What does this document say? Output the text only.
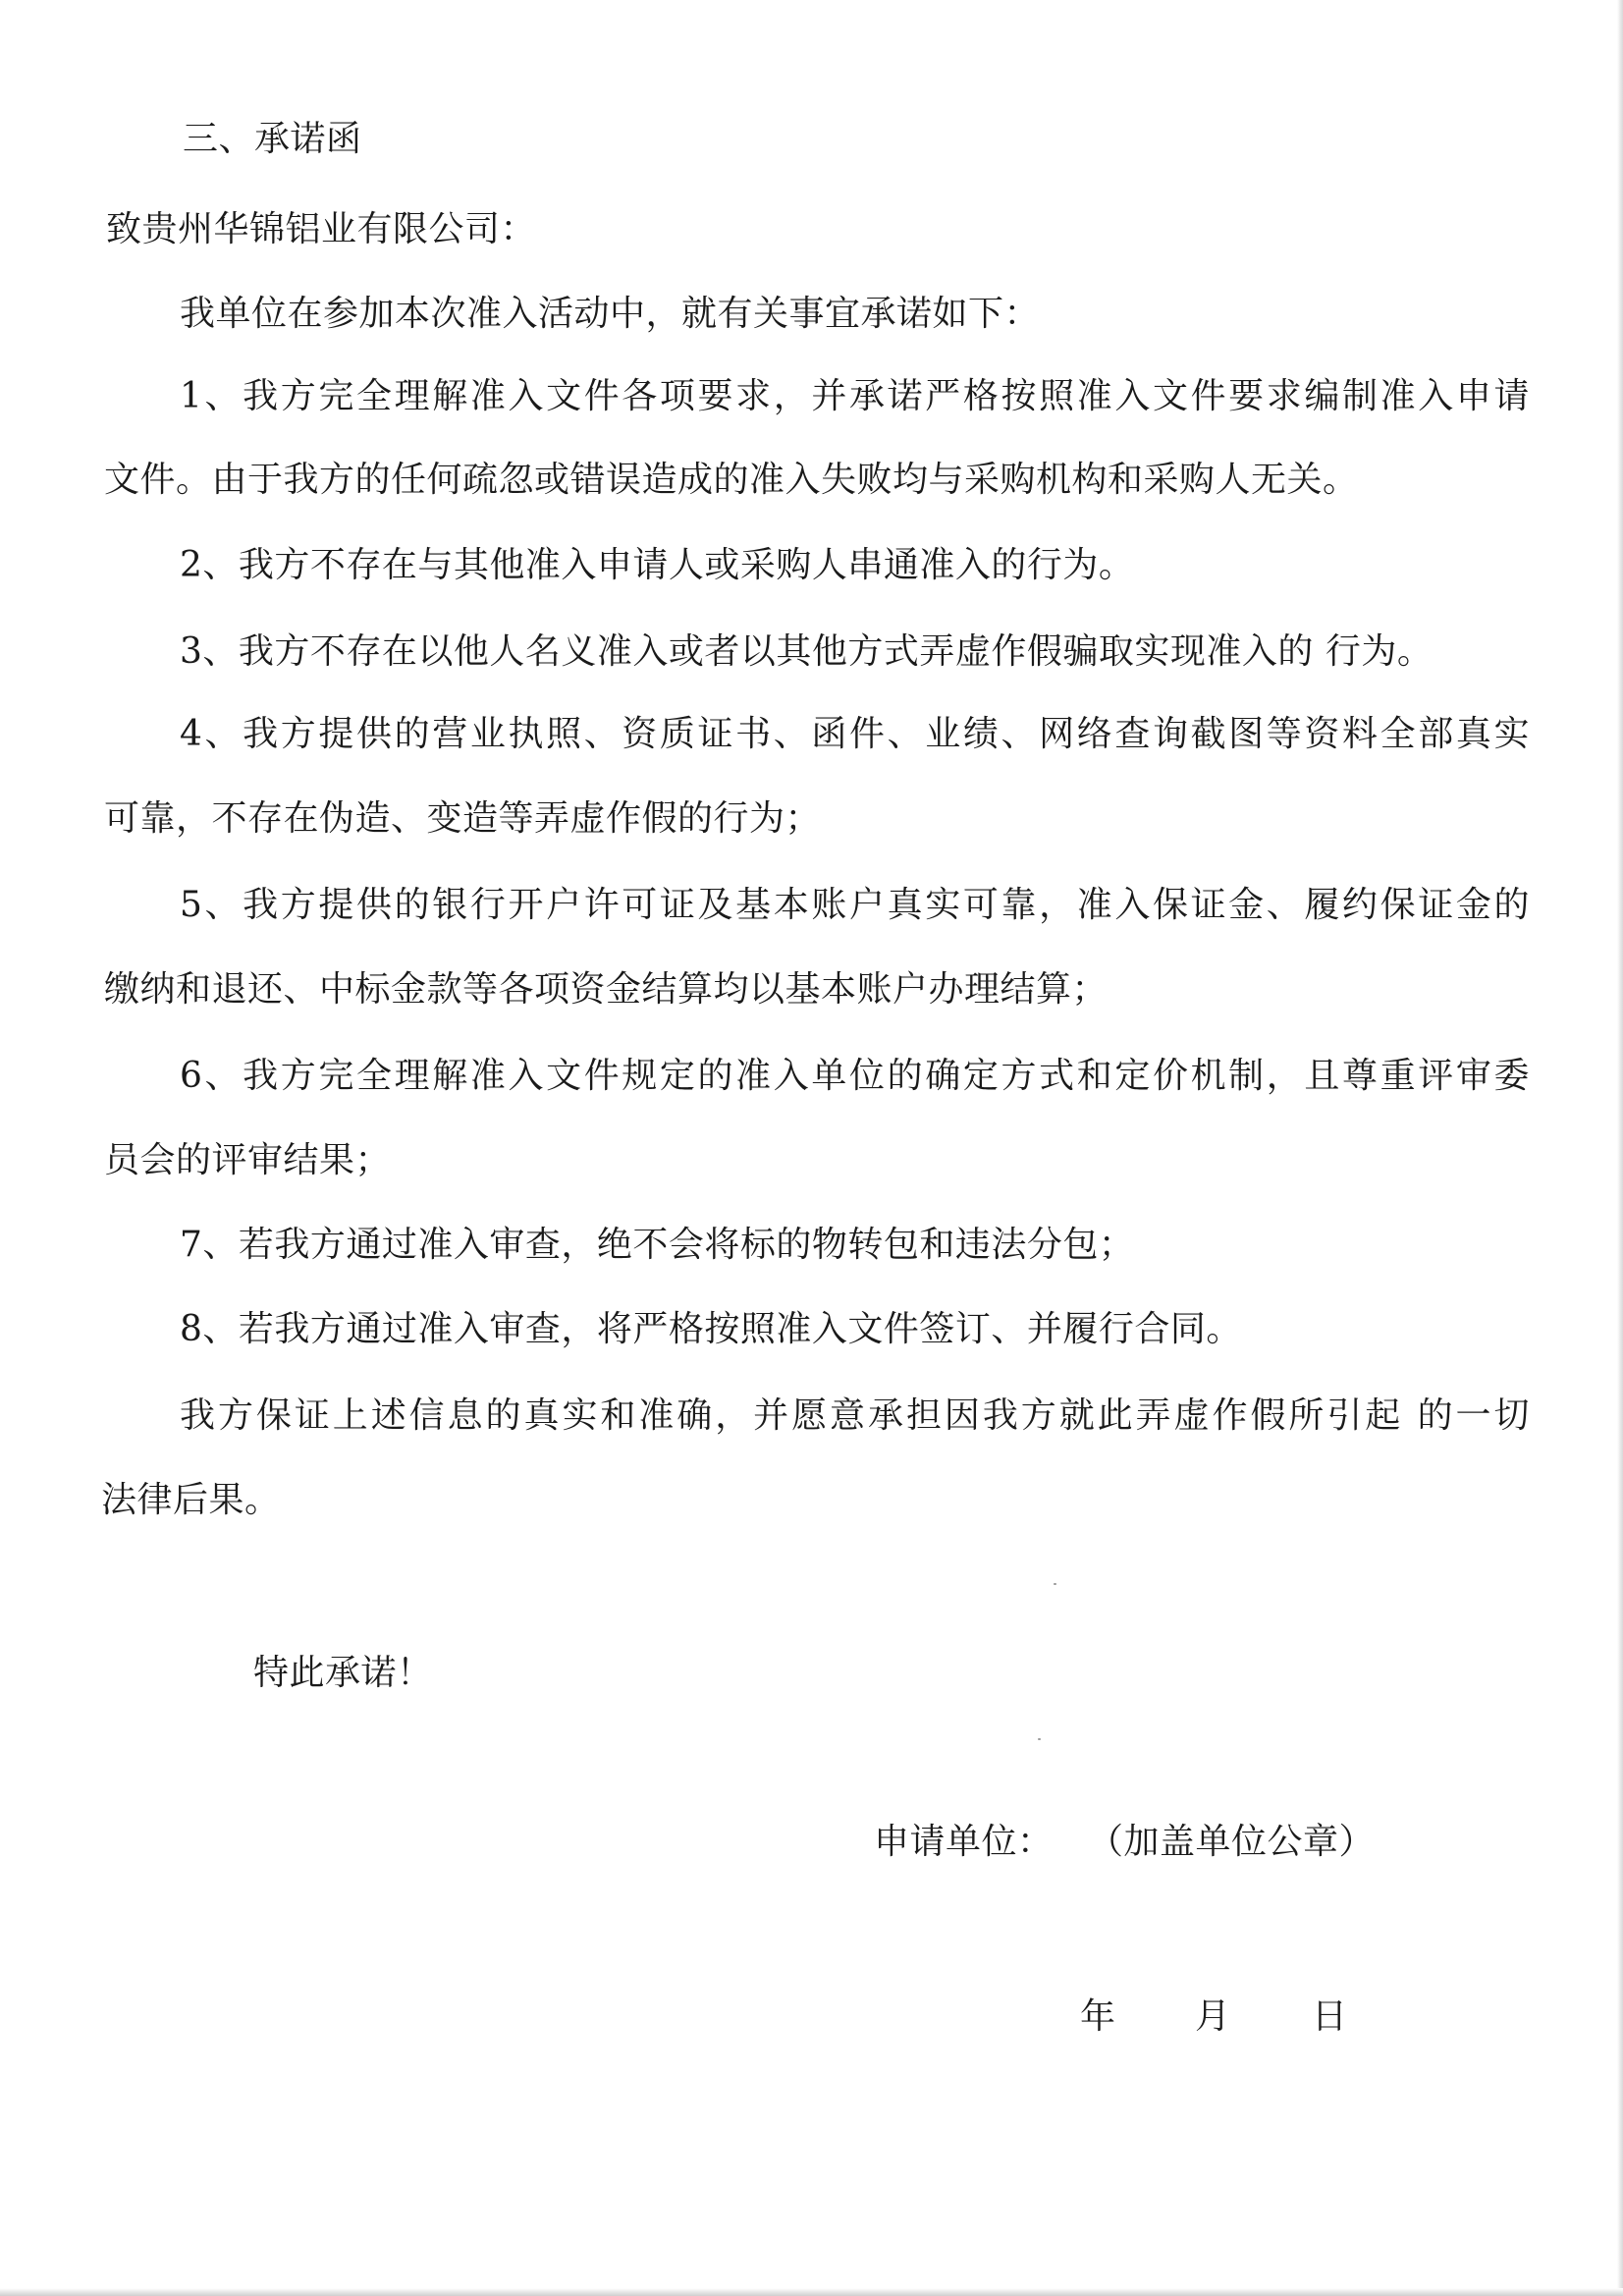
三、承诺函
致贵州华锦铝业有限公司：
我单位在参加本次准入活动中，就有关事宜承诺如下：
1、我方完全理解准入文件各项要求，并承诺严格按照准入文件要求编制准入申请
文件。由于我方的任何疏忽或错误造成的准入失败均与采购机构和采购人无关。
2、我方不存在与其他准入申请人或采购人串通准入的行为。
3、我方不存在以他人名义准入或者以其他方式弄虚作假骗取实现准入的 行为。
4、我方提供的营业执照、资质证书、函件、业绩、网络查询截图等资料全部真实
可靠，不存在伪造、变造等弄虚作假的行为；
5、我方提供的银行开户许可证及基本账户真实可靠，准入保证金、履约保证金的
缴纳和退还、中标金款等各项资金结算均以基本账户办理结算；
6、我方完全理解准入文件规定的准入单位的确定方式和定价机制，且尊重评审委
员会的评审结果；
7、若我方通过准入审查，绝不会将标的物转包和违法分包；
8、若我方通过准入审查，将严格按照准入文件签订、并履行合同。
我方保证上述信息的真实和准确，并愿意承担因我方就此弄虚作假所引起 的一切
法律后果。
特此承诺！
申请单位： （加盖单位公章）
年 月 日
